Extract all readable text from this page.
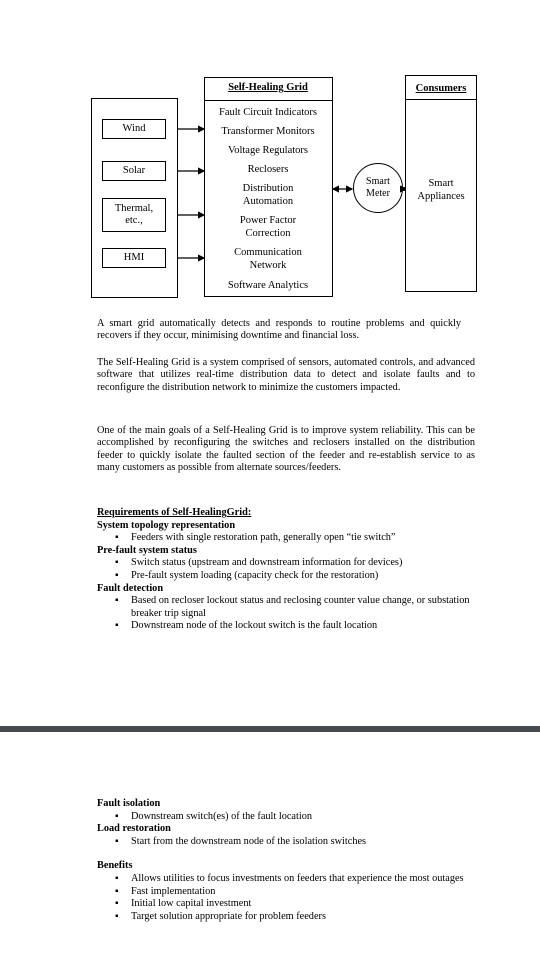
Wind
Solar
Thermal,
etc.,
HMI
Self-Healing Grid
Fault Circuit Indicators
Transformer Monitors
Voltage Regulators
Reclosers
Distribution Automation
Power Factor Correction
Communication Network
Software Analytics
Smart Meter
Consumers
Smart Appliances
A smart grid automatically detects and responds to routine problems and quickly recovers if they occur, minimising downtime and financial loss.
The Self-Healing Grid is a system comprised of sensors, automated controls, and advanced software that utilizes real-time distribution data to detect and isolate faults and to reconfigure the distribution network to minimize the customers impacted.
One of the main goals of a Self-Healing Grid is to improve system reliability. This can be accomplished by reconfiguring the switches and reclosers installed on the distribution feeder to quickly isolate the faulted section of the feeder and re-establish service to as many customers as possible from alternate sources/feeders.
Requirements of Self-HealingGrid:
System topology representation
▪ Feeders with single restoration path, generally open “tie switch”
Pre-fault system status
▪ Switch status (upstream and downstream information for devices)
▪ Pre-fault system loading (capacity check for the restoration)
Fault detection
▪ Based on recloser lockout status and reclosing counter value change, or substation breaker trip signal
▪ Downstream node of the lockout switch is the fault location
Fault isolation
▪ Downstream switch(es) of the fault location
Load restoration
▪ Start from the downstream node of the isolation switches
Benefits
▪ Allows utilities to focus investments on feeders that experience the most outages
▪ Fast implementation
▪ Initial low capital investment
▪ Target solution appropriate for problem feeders
